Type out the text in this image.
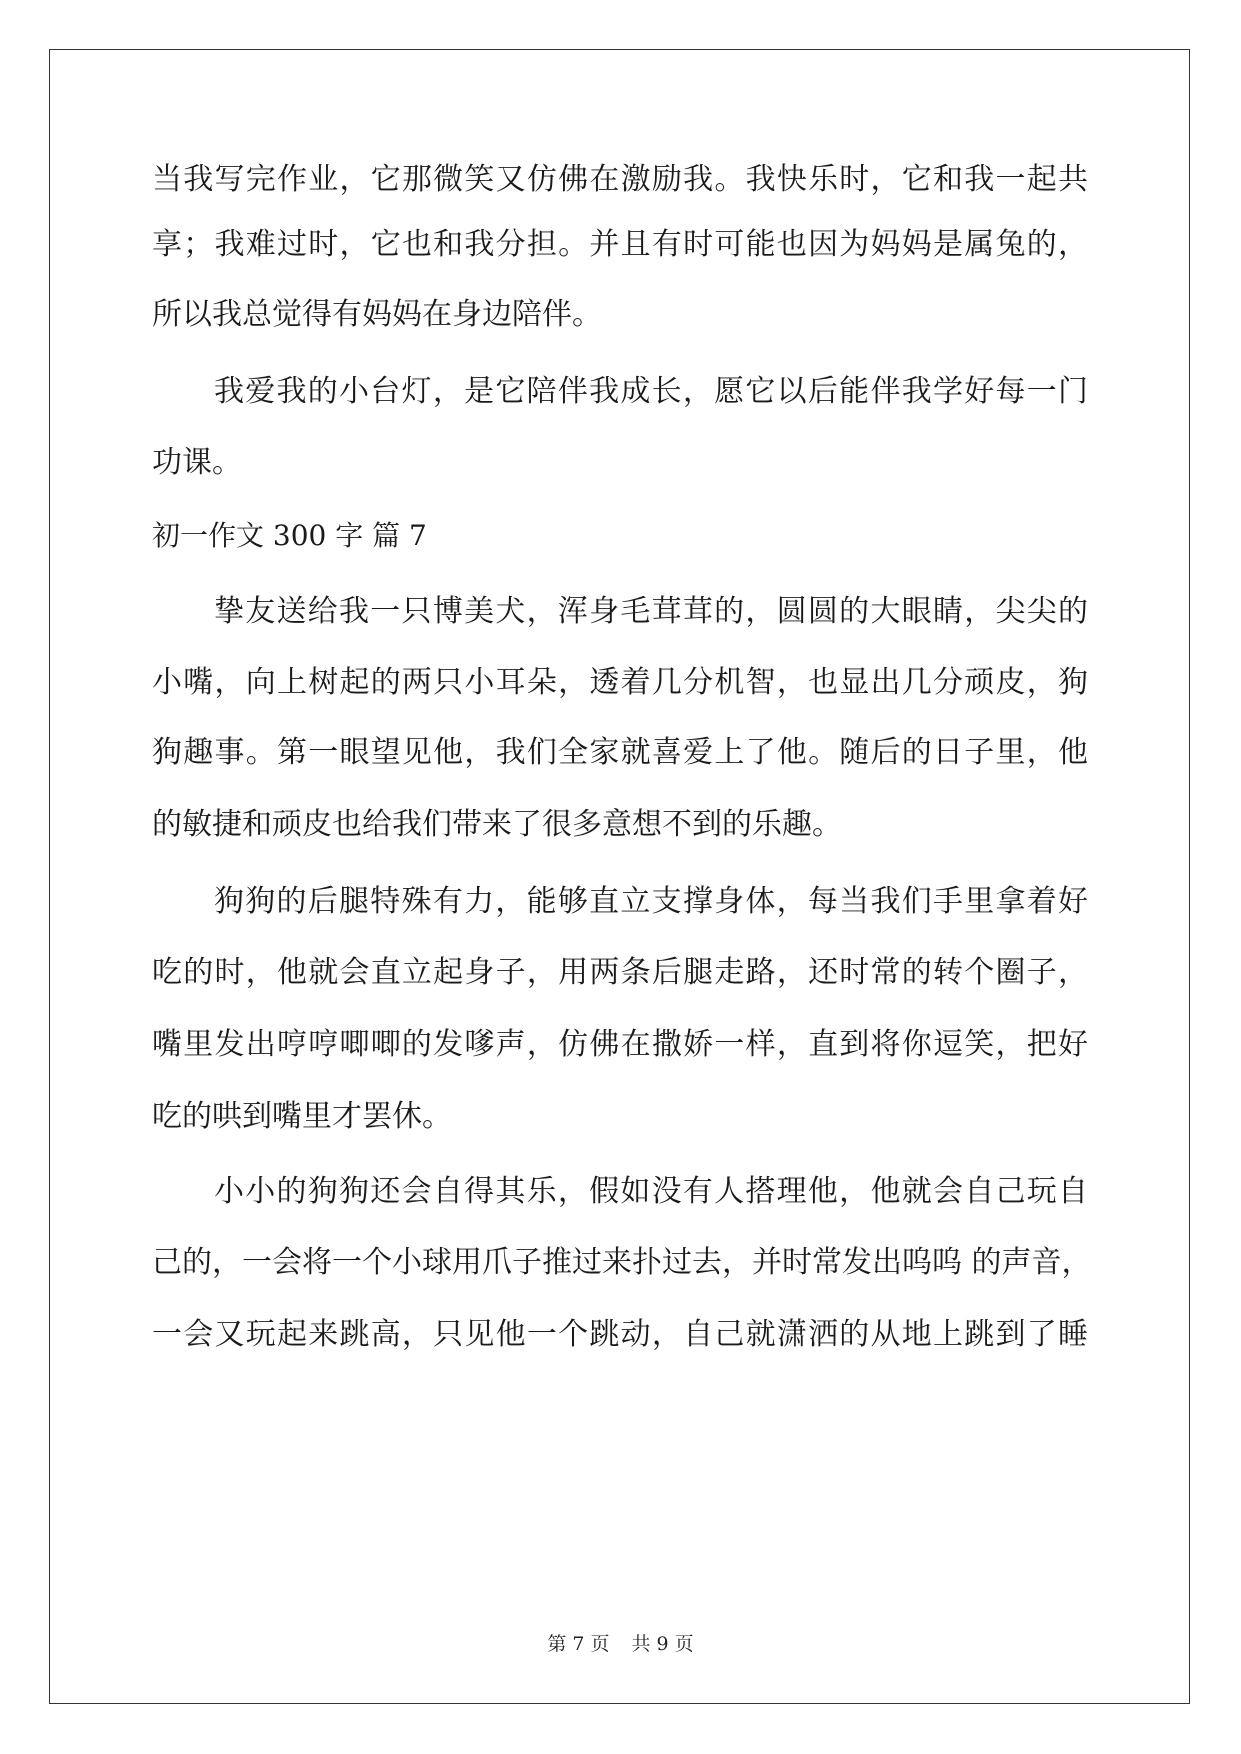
当我写完作业，它那微笑又仿佛在激励我。我快乐时，它和我一起共
享；我难过时，它也和我分担。并且有时可能也因为妈妈是属兔的，
所以我总觉得有妈妈在身边陪伴。
我爱我的小台灯，是它陪伴我成长，愿它以后能伴我学好每一门
功课。
初一作文 300 字 篇 7
挚友送给我一只博美犬，浑身毛茸茸的，圆圆的大眼睛，尖尖的
小嘴，向上树起的两只小耳朵，透着几分机智，也显出几分顽皮，狗
狗趣事。第一眼望见他，我们全家就喜爱上了他。随后的日子里，他
的敏捷和顽皮也给我们带来了很多意想不到的乐趣。
狗狗的后腿特殊有力，能够直立支撑身体，每当我们手里拿着好
吃的时，他就会直立起身子，用两条后腿走路，还时常的转个圈子，
嘴里发出哼哼唧唧的发嗲声，仿佛在撒娇一样，直到将你逗笑，把好
吃的哄到嘴里才罢休。
小小的狗狗还会自得其乐，假如没有人搭理他，他就会自己玩自
己的，一会将一个小球用爪子推过来扑过去，并时常发出呜呜 的声音，
一会又玩起来跳高，只见他一个跳动，自己就潇洒的从地上跳到了睡
第 7 页 共 9 页
